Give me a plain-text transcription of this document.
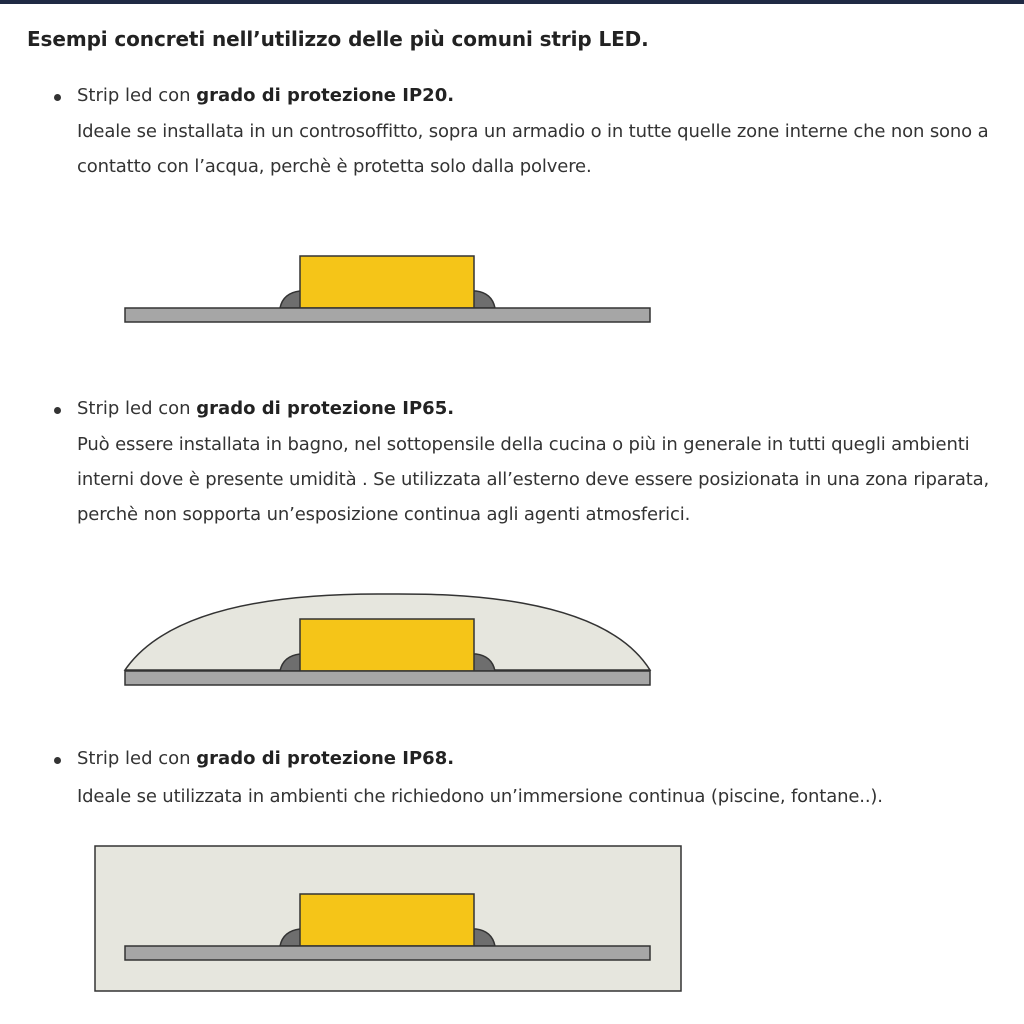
Esempi concreti nell’utilizzo delle più comuni strip LED.

Strip led con grado di protezione IP20.

Ideale se installata in un controsoffitto, sopra un armadio o in tutte quelle zone interne che non sono a contatto con l’acqua, perchè è protetta solo dalla polvere.

Strip led con grado di protezione IP65.

Può essere installata in bagno, nel sottopensile della cucina o più in generale in tutti quegli ambienti interni dove è presente umidità . Se utilizzata all’esterno deve essere posizionata in una zona riparata, perchè non sopporta un’esposizione continua agli agenti atmosferici.

Strip led con grado di protezione IP68.

Ideale se utilizzata in ambienti che richiedono un’immersione continua (piscine, fontane..).
